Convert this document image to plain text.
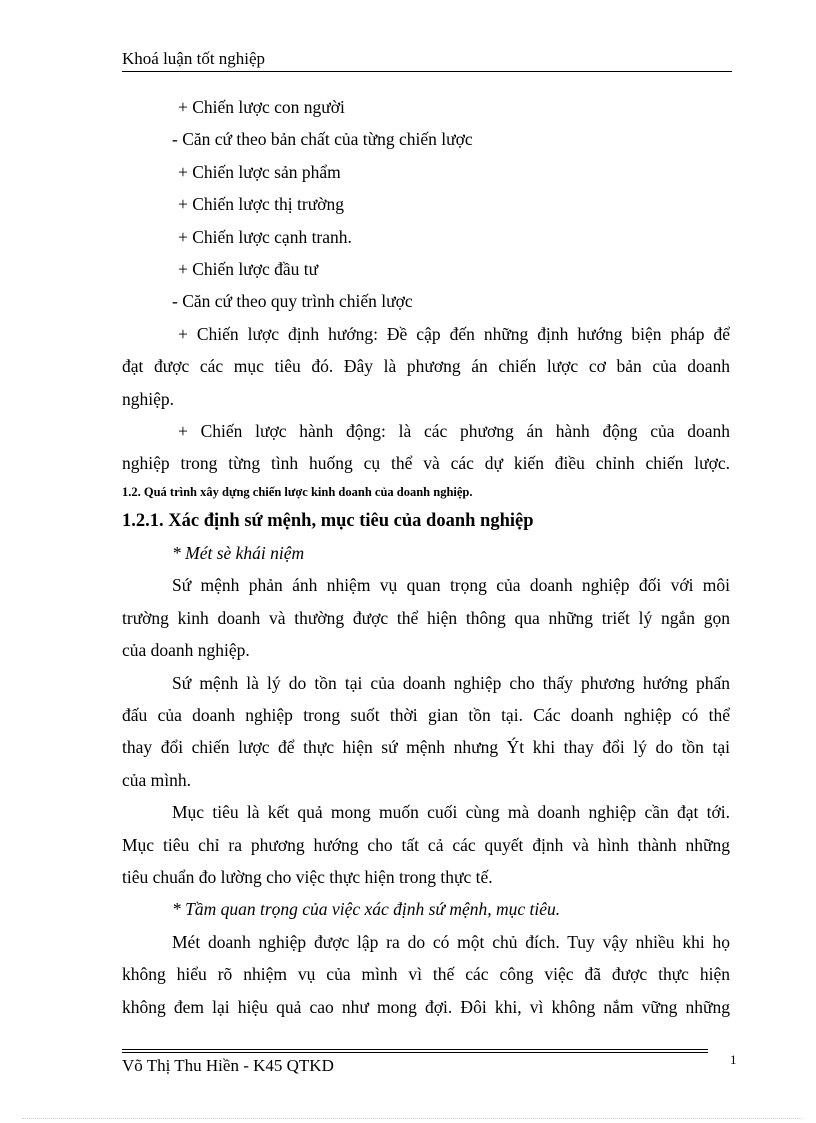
Khoá luận tốt nghiệp
+ Chiến lược con người
- Căn cứ theo bản chất của từng chiến lược
+ Chiến lược sản phẩm
+ Chiến lược thị trường
+ Chiến lược cạnh tranh.
+ Chiến lược đầu tư
- Căn cứ theo quy trình chiến lược
+ Chiến lược định hướng: Đề cập đến những định hướng biện pháp để
đạt được các mục tiêu đó. Đây là phương án chiến lược cơ bản của doanh
nghiệp.
+ Chiến lược hành động: là các phương án hành động của doanh
nghiệp trong từng tình huống cụ thể và các dự kiến điều chỉnh chiến lược.
1.2. Quá trình xây dựng chiến lược kinh doanh của doanh nghiệp.
1.2.1. Xác định sứ mệnh, mục tiêu của doanh nghiệp
* Mét sè khái niệm
Sứ mệnh phản ánh nhiệm vụ quan trọng của doanh nghiệp đối với môi
trường kinh doanh và thường được thể hiện thông qua những triết lý ngắn gọn
của doanh nghiệp.
Sứ mệnh là lý do tồn tại của doanh nghiệp cho thấy phương hướng phấn
đấu của doanh nghiệp trong suốt thời gian tồn tại. Các doanh nghiệp có thể
thay đổi chiến lược để thực hiện sứ mệnh nhưng Ýt khi thay đổi lý do tồn tại
của mình.
Mục tiêu là kết quả mong muốn cuối cùng mà doanh nghiệp cần đạt tới.
Mục tiêu chỉ ra phương hướng cho tất cả các quyết định và hình thành những
tiêu chuẩn đo lường cho việc thực hiện trong thực tế.
* Tầm quan trọng của việc xác định sứ mệnh, mục tiêu.
Mét doanh nghiệp được lập ra do có một chủ đích. Tuy vậy nhiều khi họ
không hiểu rõ nhiệm vụ của mình vì thế các công việc đã được thực hiện
không đem lại hiệu quả cao như mong đợi. Đôi khi, vì không nắm vững những
Võ Thị Thu Hiền - K45 QTKD	1
